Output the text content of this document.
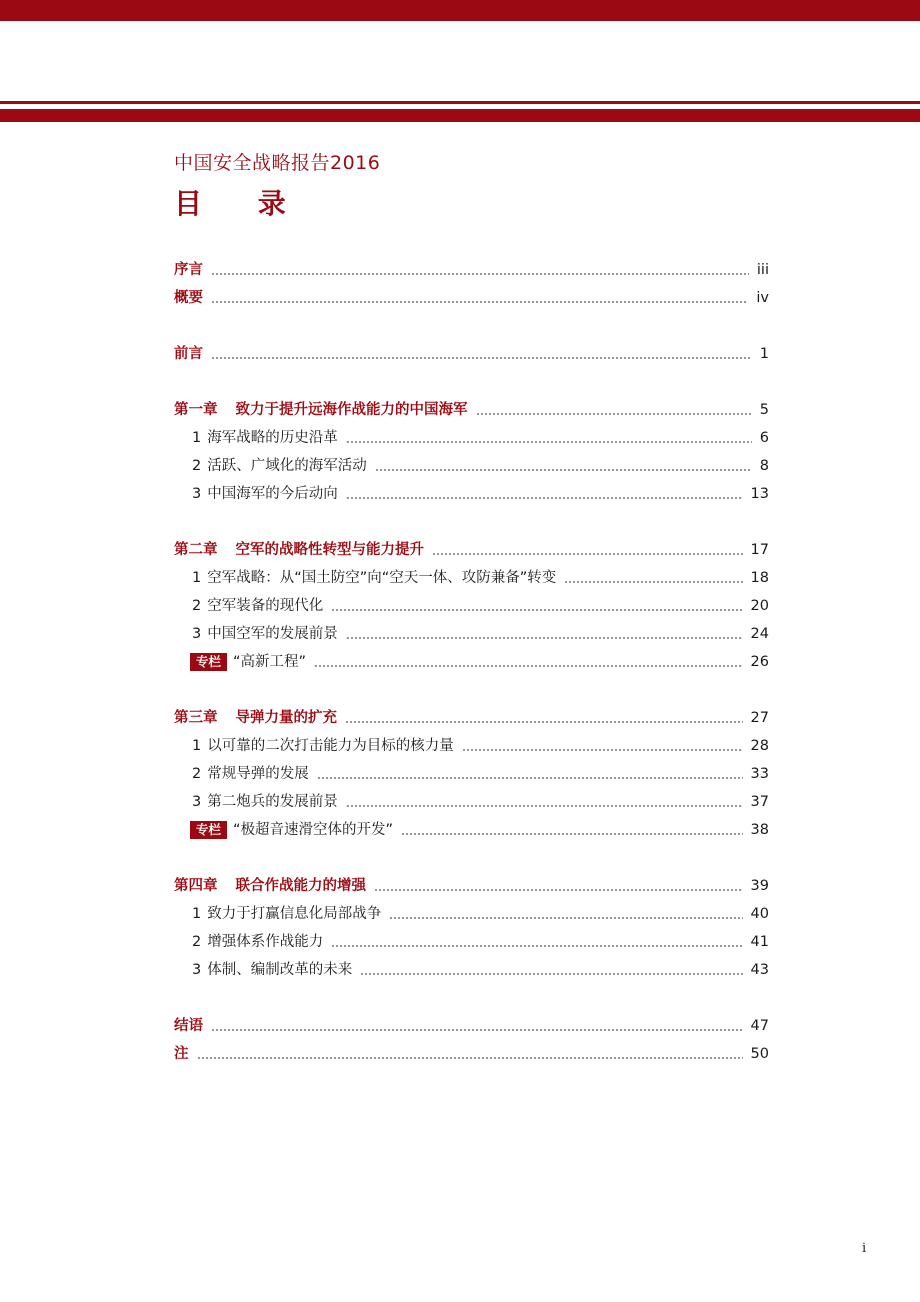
中国安全战略报告2016
目 录
序言	iii
概要	iv
前言	1
第一章 致力于提升远海作战能力的中国海军	5
1 海军战略的历史沿革	6
2 活跃、广域化的海军活动	8
3 中国海军的今后动向	13
第二章 空军的战略性转型与能力提升	17
1 空军战略：从“国土防空”向“空天一体、攻防兼备”转变	18
2 空军装备的现代化	20
3 中国空军的发展前景	24
专栏 “高新工程”	26
第三章 导弹力量的扩充	27
1 以可靠的二次打击能力为目标的核力量	28
2 常规导弹的发展	33
3 第二炮兵的发展前景	37
专栏 “极超音速滑空体的开发”	38
第四章 联合作战能力的增强	39
1 致力于打赢信息化局部战争	40
2 增强体系作战能力	41
3 体制、编制改革的未来	43
结语	47
注	50
i
